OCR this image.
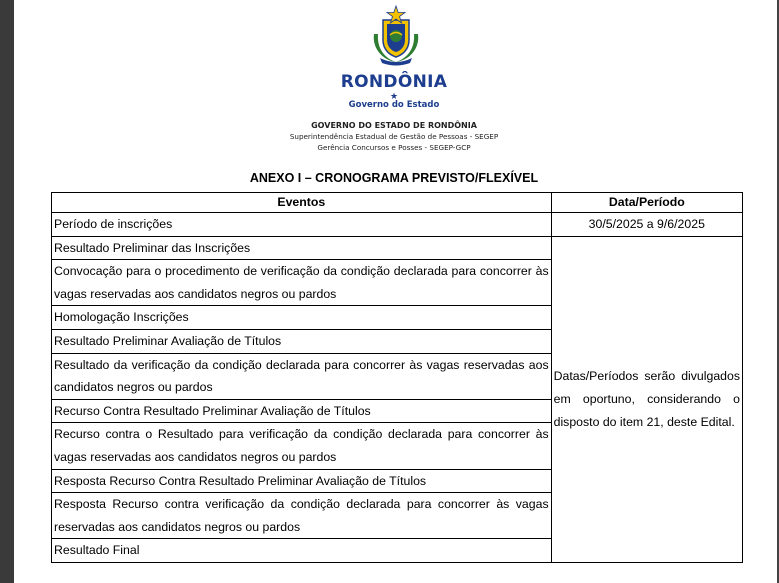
RONDÔNIA
★
Governo do Estado
GOVERNO DO ESTADO DE RONDÔNIA
Superintendência Estadual de Gestão de Pessoas - SEGEP
Gerência Concursos e Posses - SEGEP-GCP
ANEXO I – CRONOGRAMA PREVISTO/FLEXÍVEL
Eventos	Data/Período
Período de inscrições	30/5/2025 a 9/6/2025
Resultado Preliminar das Inscrições	Datas/Períodos serão divulgados em oportuno, considerando o disposto do item 21, deste Edital.
Convocação para o procedimento de verificação da condição declarada para concorrer às vagas reservadas aos candidatos negros ou pardos	
Homologação Inscrições	
Resultado Preliminar Avaliação de Títulos	
Resultado da verificação da condição declarada para concorrer às vagas reservadas aos candidatos negros ou pardos	
Recurso Contra Resultado Preliminar Avaliação de Títulos	
Recurso contra o Resultado para verificação da condição declarada para concorrer às vagas reservadas aos candidatos negros ou pardos	
Resposta Recurso Contra Resultado Preliminar Avaliação de Títulos	
Resposta Recurso contra verificação da condição declarada para concorrer às vagas reservadas aos candidatos negros ou pardos	
Resultado Final	
